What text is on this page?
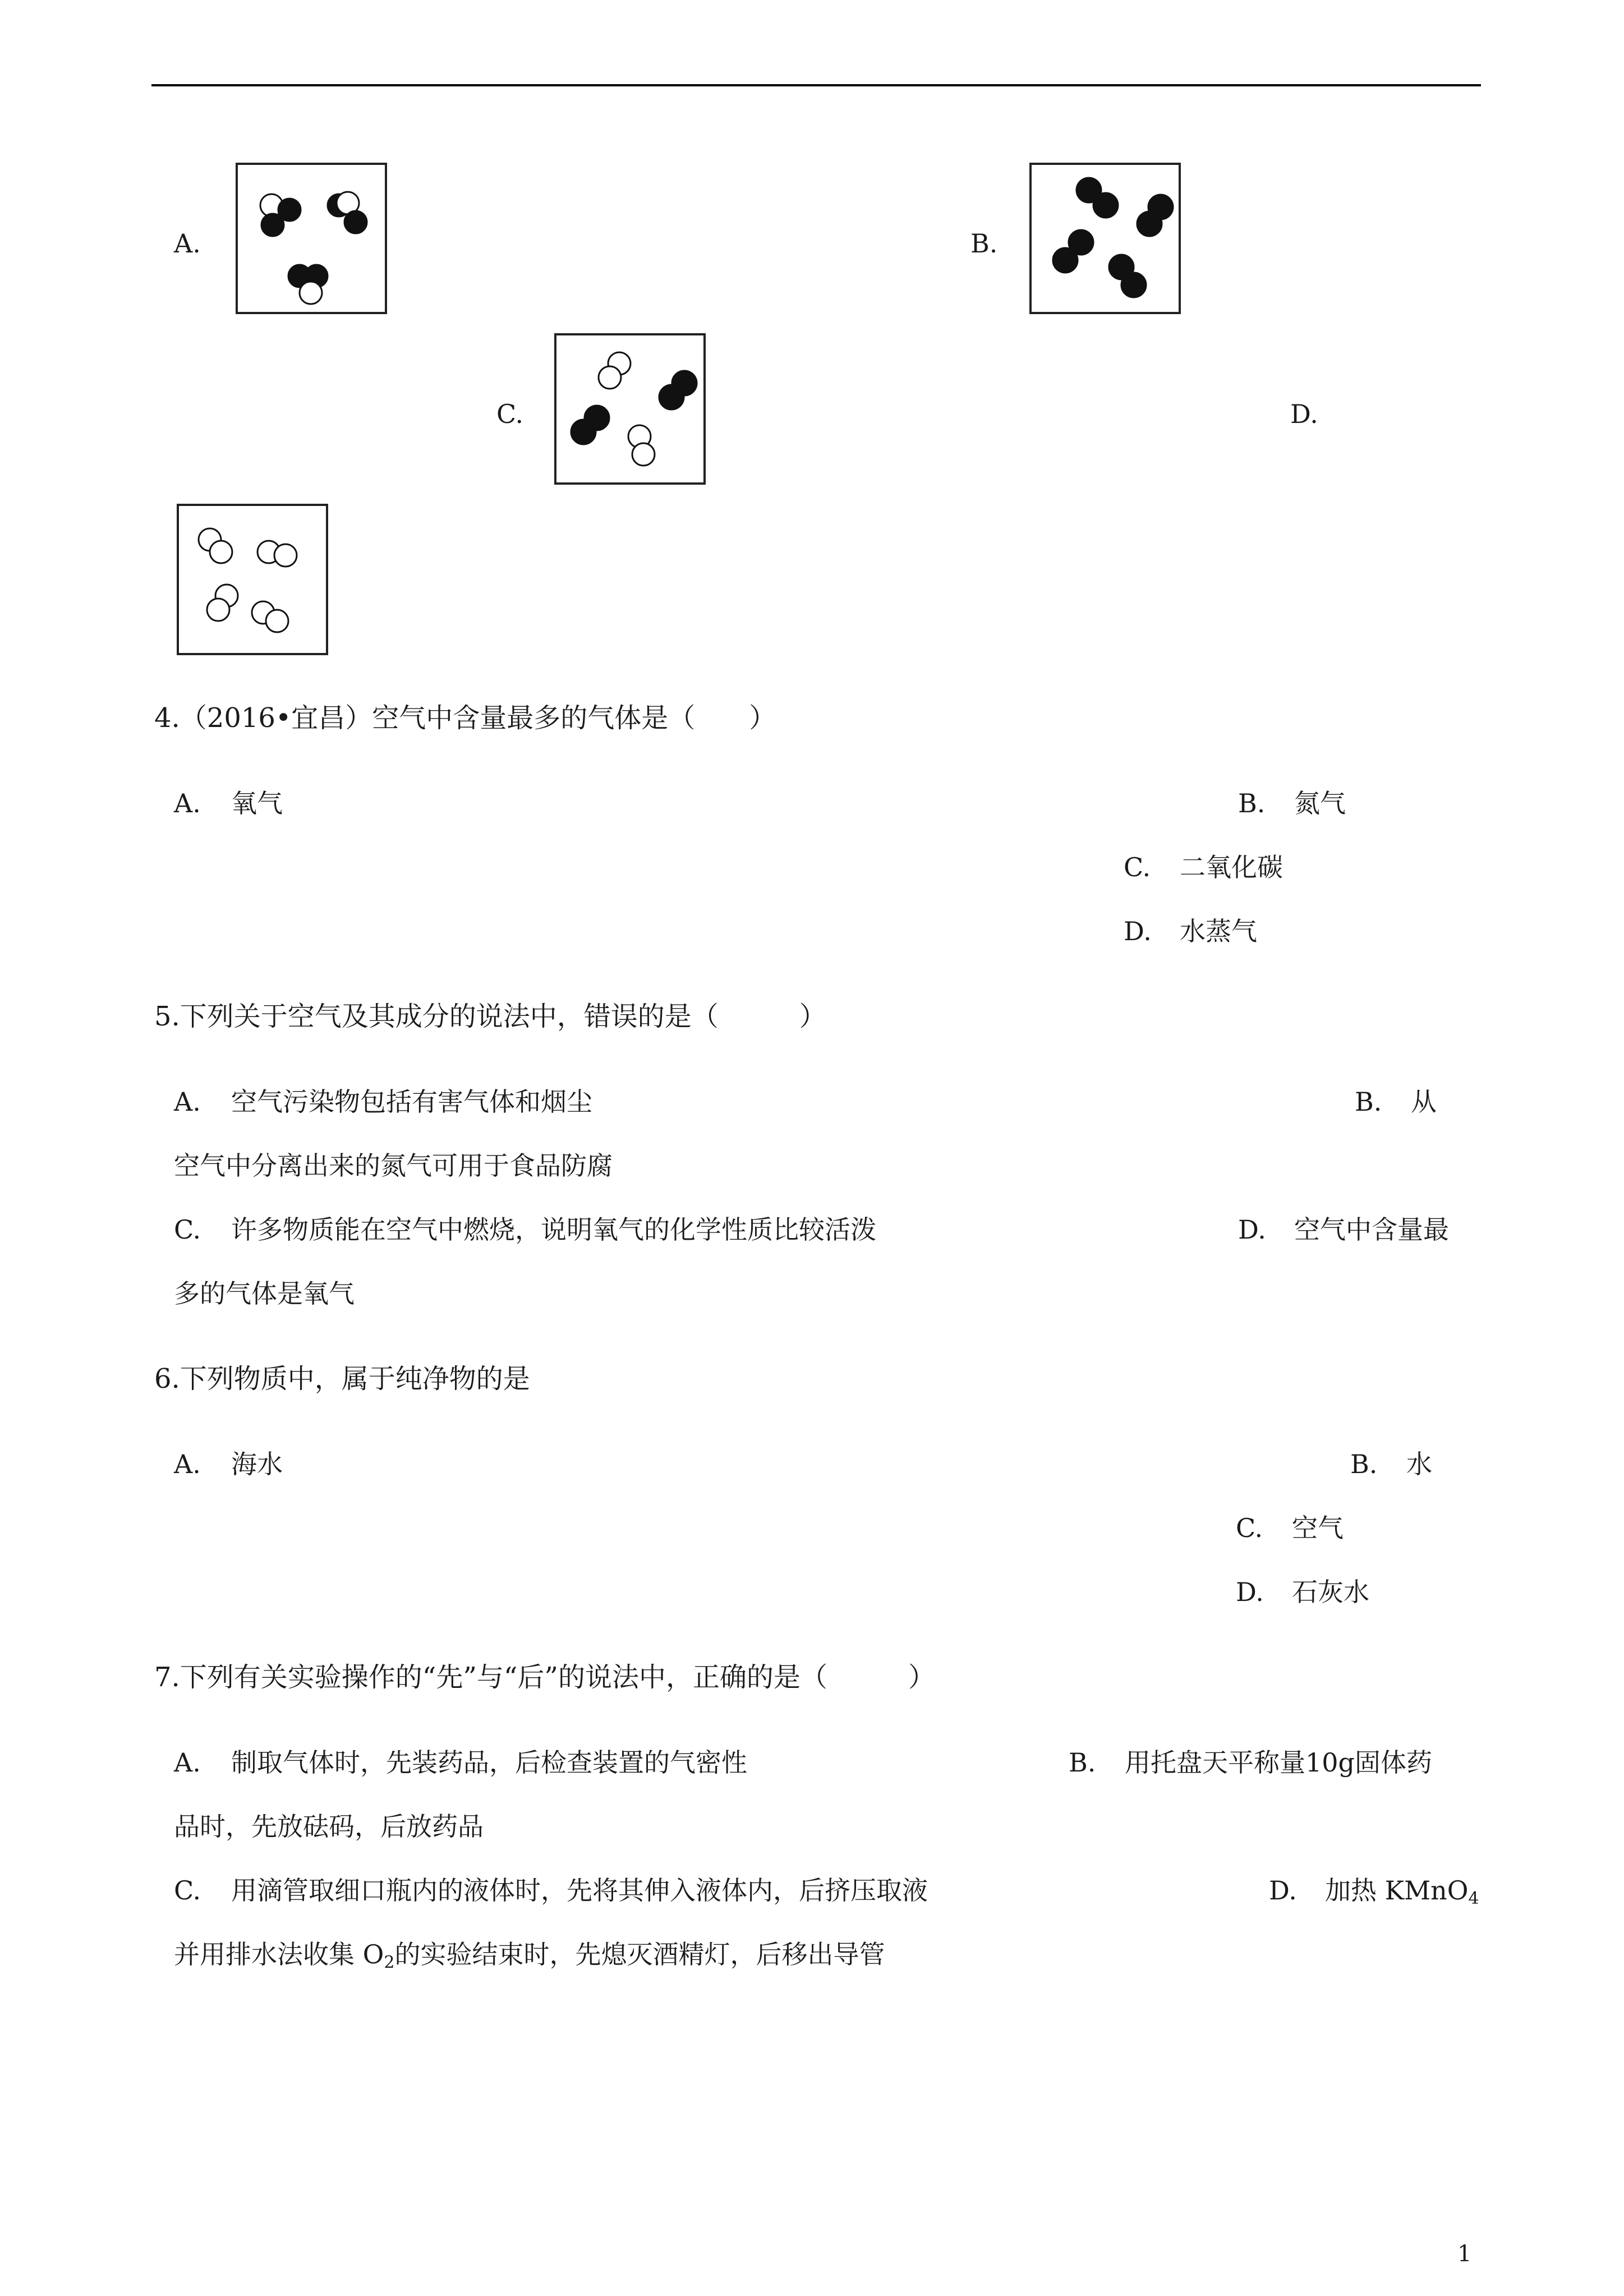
A.	B.
C.	D.
4.（2016•宜昌）空气中含量最多的气体是（　　）
A. 氧气	B. 氮气
C. 二氧化碳
D. 水蒸气
5.下列关于空气及其成分的说法中，错误的是（　　　）
A. 空气污染物包括有害气体和烟尘	B. 从
空气中分离出来的氮气可用于食品防腐
C. 许多物质能在空气中燃烧，说明氧气的化学性质比较活泼	D. 空气中含量最
多的气体是氧气
6.下列物质中，属于纯净物的是
A. 海水	B. 水
C. 空气
D. 石灰水
7.下列有关实验操作的“先”与“后”的说法中，正确的是（　　　）
A. 制取气体时，先装药品，后检查装置的气密性	B. 用托盘天平称量10g固体药
品时，先放砝码，后放药品
C. 用滴管取细口瓶内的液体时，先将其伸入液体内，后挤压取液	D. 加热 KMnO$_4$
并用排水法收集 $O_2$的实验结束时，先熄灭酒精灯，后移出导管
1
